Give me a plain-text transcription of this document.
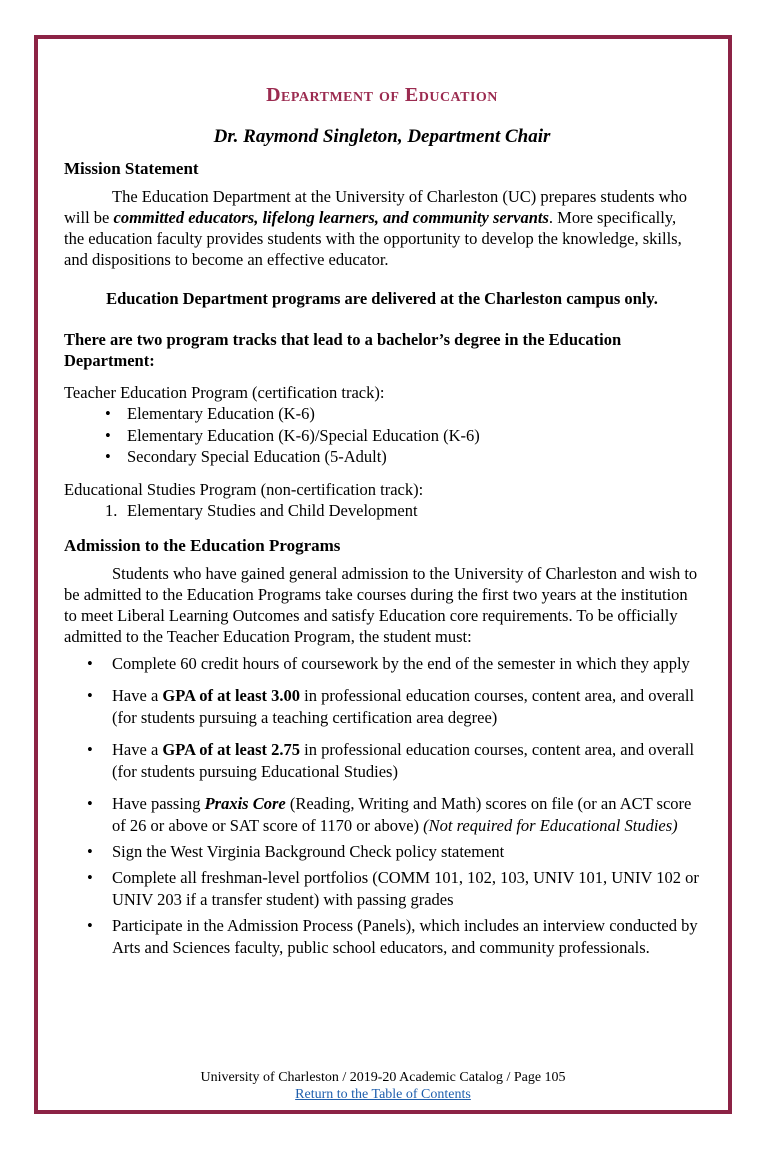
Department of Education
Dr. Raymond Singleton, Department Chair
Mission Statement

The Education Department at the University of Charleston (UC) prepares students who will be committed educators, lifelong learners, and community servants. More specifically, the education faculty provides students with the opportunity to develop the knowledge, skills, and dispositions to become an effective educator.

Education Department programs are delivered at the Charleston campus only.

There are two program tracks that lead to a bachelor’s degree in the Education Department:

Teacher Education Program (certification track):

• Elementary Education (K-6)
• Elementary Education (K-6)/Special Education (K-6)
• Secondary Special Education (5-Adult)

Educational Studies Program (non-certification track):

1. Elementary Studies and Child Development
Admission to the Education Programs

Students who have gained general admission to the University of Charleston and wish to be admitted to the Education Programs take courses during the first two years at the institution to meet Liberal Learning Outcomes and satisfy Education core requirements. To be officially admitted to the Teacher Education Program, the student must:

•	Complete 60 credit hours of coursework by the end of the semester in which they apply
•	Have a GPA of at least 3.00 in professional education courses, content area, and overall (for students pursuing a teaching certification area degree)
•	Have a GPA of at least 2.75 in professional education courses, content area, and overall (for students pursuing Educational Studies)
•	Have passing Praxis Core (Reading, Writing and Math) scores on file (or an ACT score of 26 or above or SAT score of 1170 or above) (Not required for Educational Studies)
•	Sign the West Virginia Background Check policy statement
•	Complete all freshman-level portfolios (COMM 101, 102, 103, UNIV 101, UNIV 102 or UNIV 203 if a transfer student) with passing grades
•	Participate in the Admission Process (Panels), which includes an interview conducted by Arts and Sciences faculty, public school educators, and community professionals.

University of Charleston / 2019-20 Academic Catalog / Page 105

Return to the Table of Contents
